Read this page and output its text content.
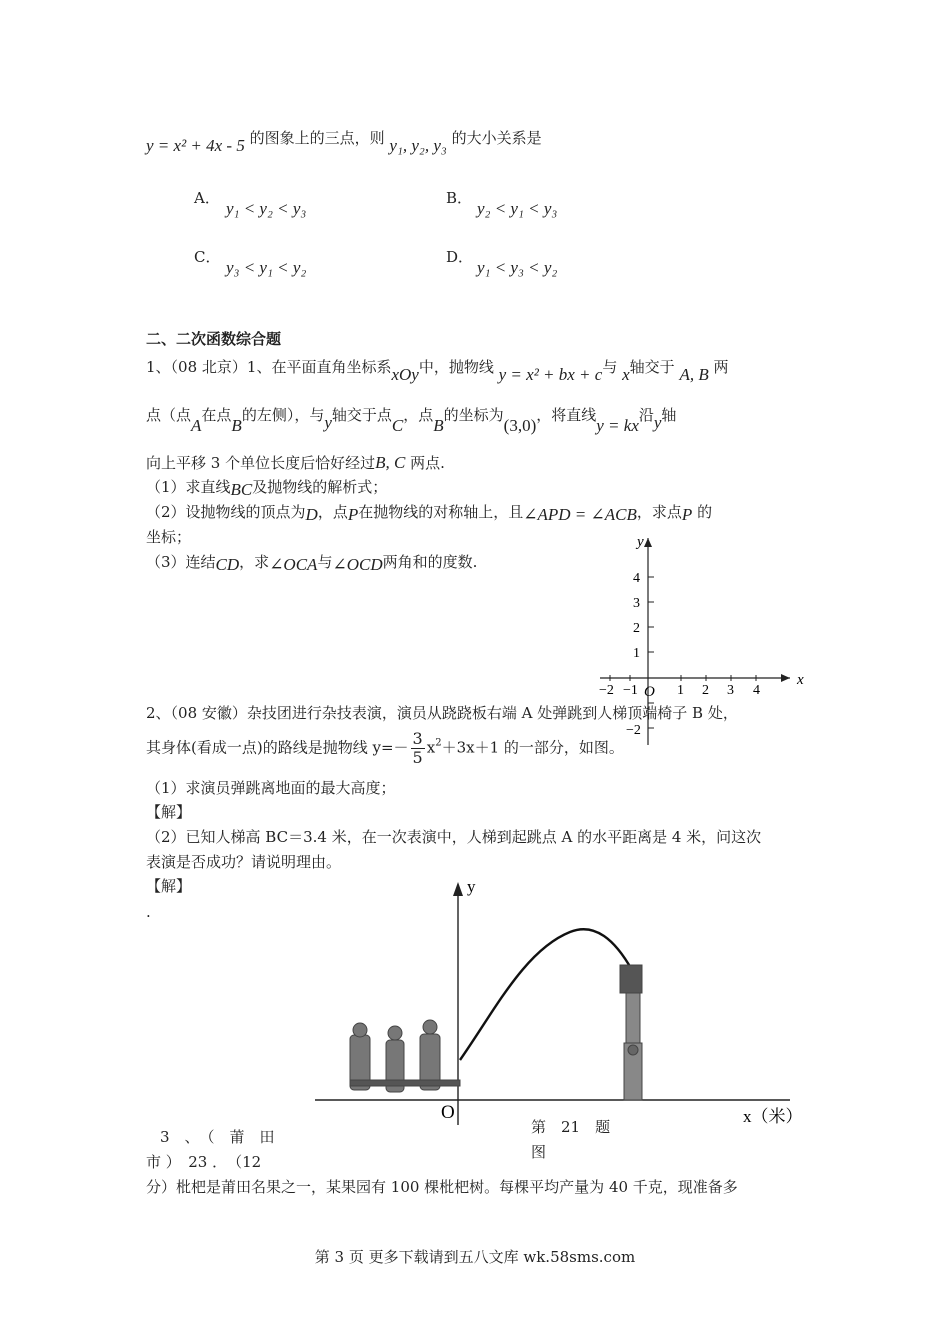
y = x² + 4x - 5 的图象上的三点，则 y₁, y₂, y₃ 的大小关系是
A．
y₁ < y₂ < y₃
B．
y₂ < y₁ < y₃
C．
y₃ < y₁ < y₂
D．
y₁ < y₃ < y₂
二、二次函数综合题
1、（08 北京）1、在平面直角坐标系xOy中，抛物线 y = x² + bx + c与 x轴交于 A, B 两
点（点A在点B的左侧），与y轴交于点C，点B的坐标为(3,0)，将直线y = kx沿y轴
向上平移 3 个单位长度后恰好经过B, C 两点.
（1）求直线BC及抛物线的解析式；
（2）设抛物线的顶点为D，点P在抛物线的对称轴上，且∠APD = ∠ACB，求点P 的
坐标；
（3）连结CD，求∠OCA与∠OCD两角和的度数.
x
y
O
−2 −1	1 2 3 4
4
3
2
1
−2
2、（08 安徽）杂技团进行杂技表演，演员从跷跷板右端 A 处弹跳到人梯顶端椅子 B 处，
其身体(看成一点)的路线是抛物线 $y=- \frac{3}{5} x^2+3x+1$ 的一部分，如图。
（1）求演员弹跳离地面的最大高度；
【解】
（2）已知人梯高 BC＝3.4 米，在一次表演中，人梯到起跳点 A 的水平距离是 4 米，问这次
表演是否成功？请说明理由。
【解】
.
y
x（米）
O
第　21　题
图
3　、　（　莆　田
市 ）　23 ．　（12
分）枇杷是莆田名果之一，某果园有 100 棵枇杷树。每棵平均产量为 40 千克，现准备多
第 3 页 更多下载请到五八文库 wk.58sms.com
